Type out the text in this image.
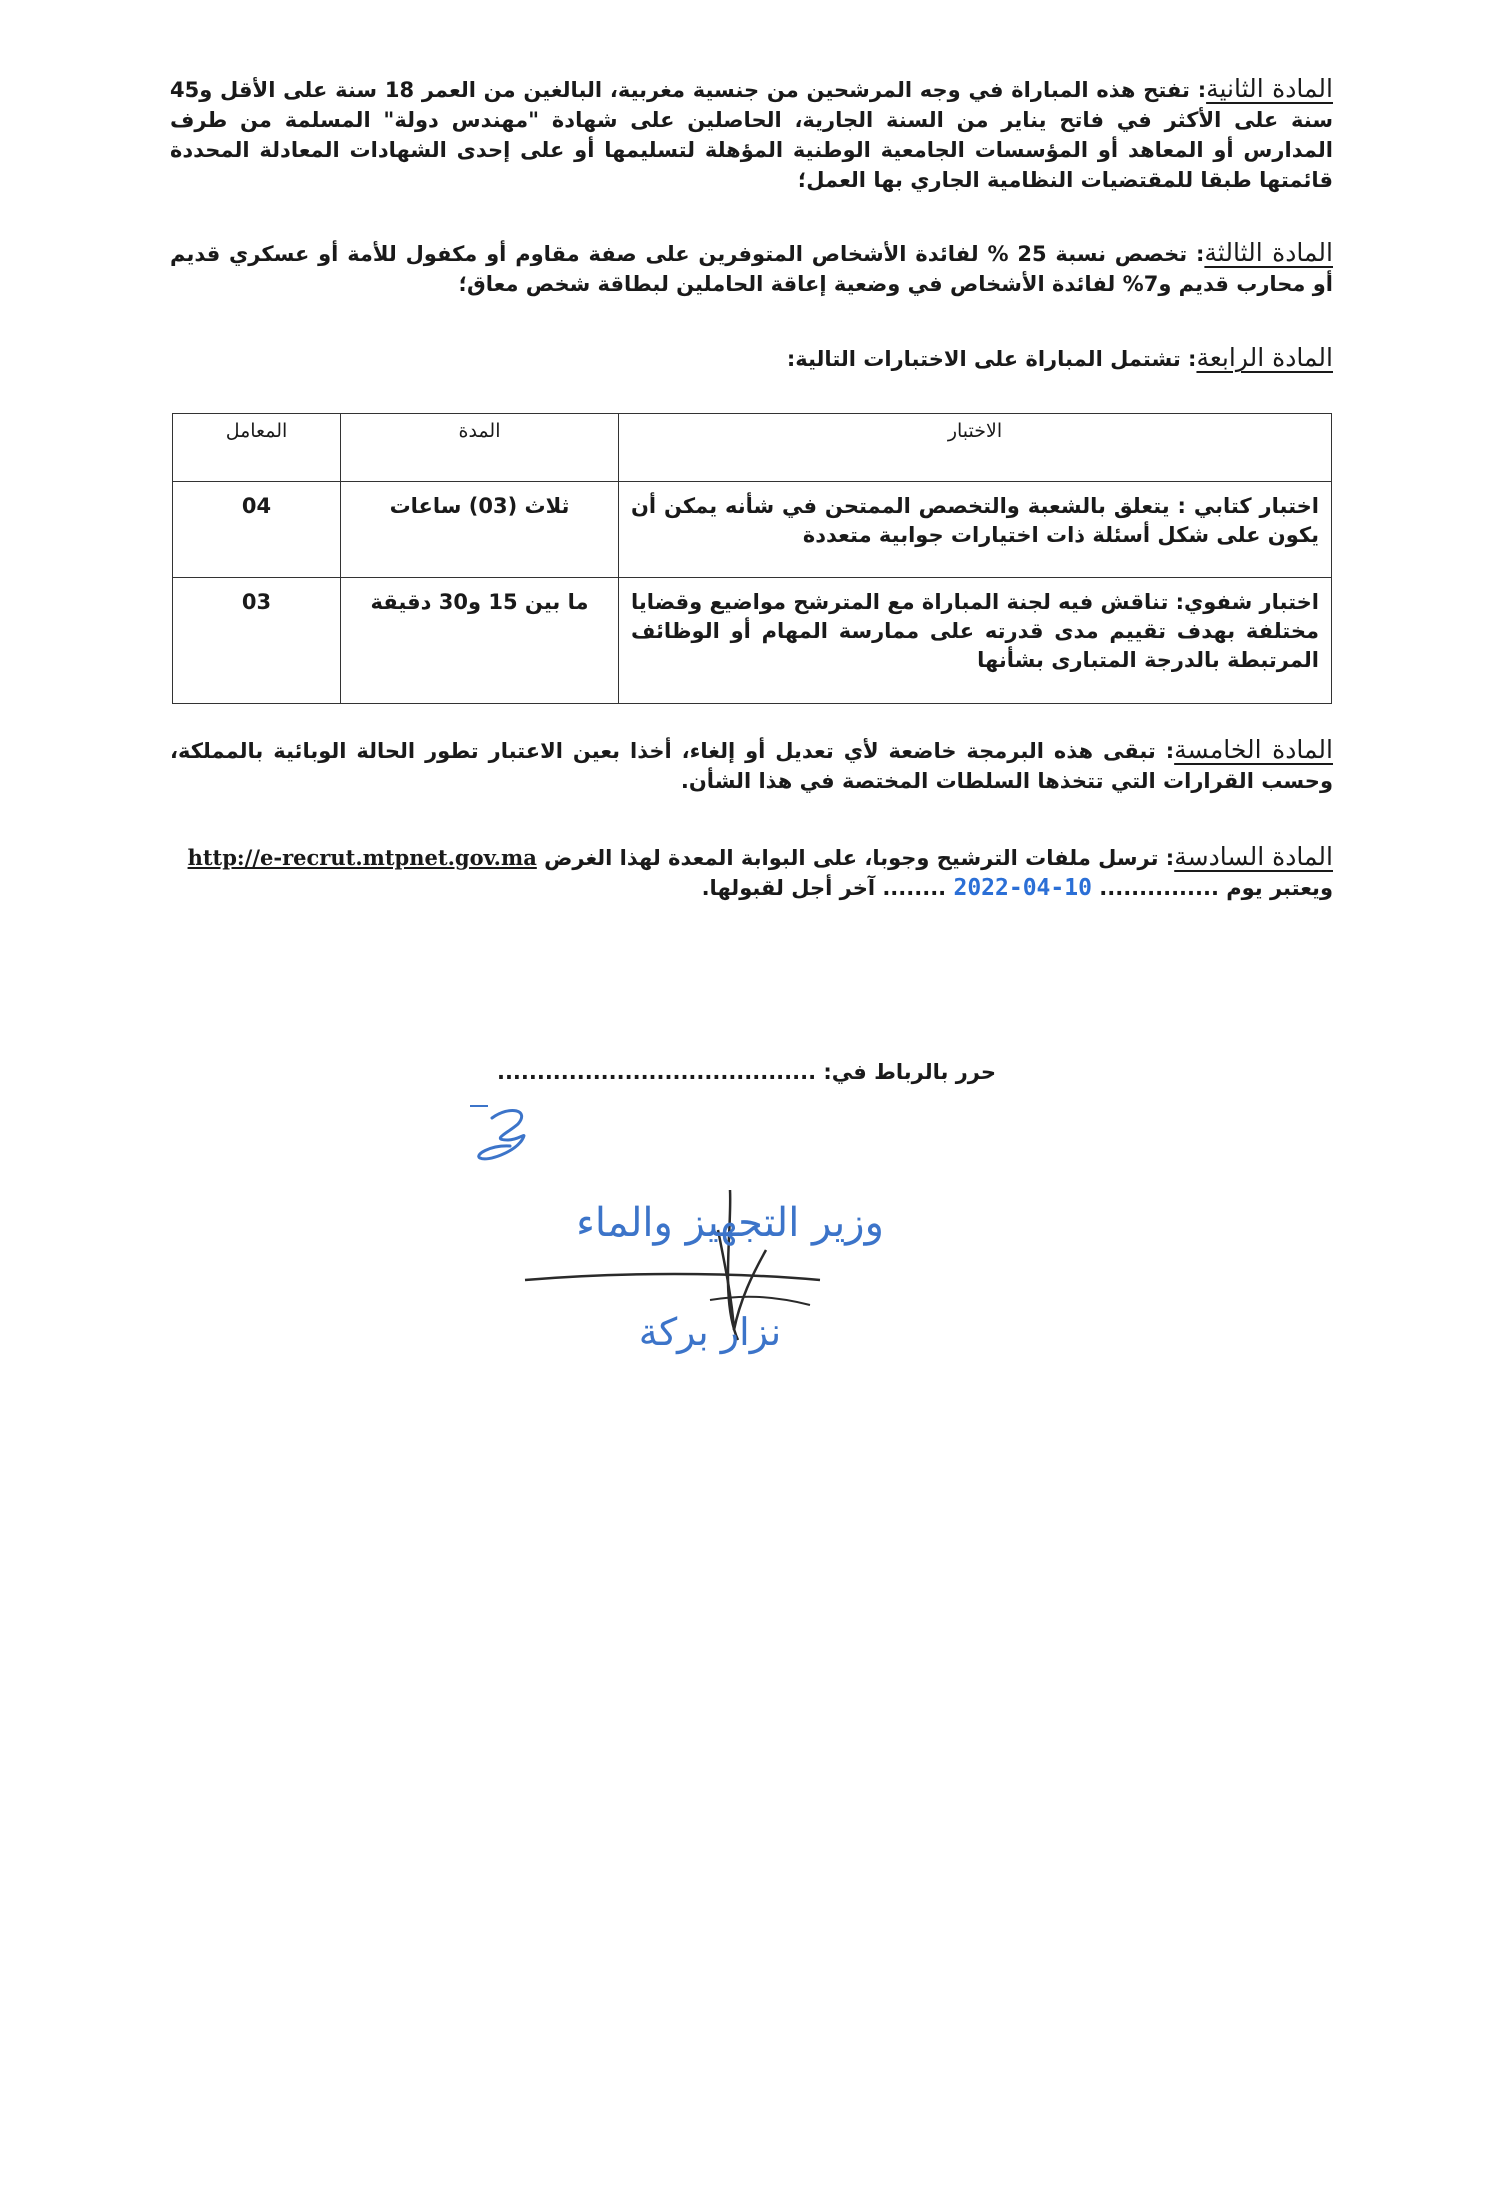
المادة الثانية: تفتح هذه المباراة في وجه المرشحين من جنسية مغربية، البالغين من العمر 18 سنة على الأقل و45 سنة على الأكثر في فاتح يناير من السنة الجارية، الحاصلين على شهادة "مهندس دولة" المسلمة من طرف المدارس أو المعاهد أو المؤسسات الجامعية الوطنية المؤهلة لتسليمها أو على إحدى الشهادات المعادلة المحددة قائمتها طبقا للمقتضيات النظامية الجاري بها العمل؛
المادة الثالثة: تخصص نسبة 25 % لفائدة الأشخاص المتوفرين على صفة مقاوم أو مكفول للأمة أو عسكري قديم أو محارب قديم و7% لفائدة الأشخاص في وضعية إعاقة الحاملين لبطاقة شخص معاق؛
المادة الرابعة: تشتمل المباراة على الاختبارات التالية:
الاختبار	المدة	المعامل
اختبار كتابي : يتعلق بالشعبة والتخصص الممتحن في شأنه يمكن أن يكون على شكل أسئلة ذات اختيارات جوابية متعددة	ثلاث (03) ساعات	04
اختبار شفوي: تناقش فيه لجنة المباراة مع المترشح مواضيع وقضايا مختلفة بهدف تقييم مدى قدرته على ممارسة المهام أو الوظائف المرتبطة بالدرجة المتبارى بشأنها	ما بين 15 و30 دقيقة	03
المادة الخامسة: تبقى هذه البرمجة خاضعة لأي تعديل أو إلغاء، أخذا بعين الاعتبار تطور الحالة الوبائية بالمملكة، وحسب القرارات التي تتخذها السلطات المختصة في هذا الشأن.
المادة السادسة: ترسل ملفات الترشيح وجوبا، على البوابة المعدة لهذا الغرض http://e-recrut.mtpnet.gov.ma
ويعتبر يوم ............... 2022-04-10 ........ آخر أجل لقبولها.
حرر بالرباط في: ........................................
وزير التجهيز والماء
نزار بركة
